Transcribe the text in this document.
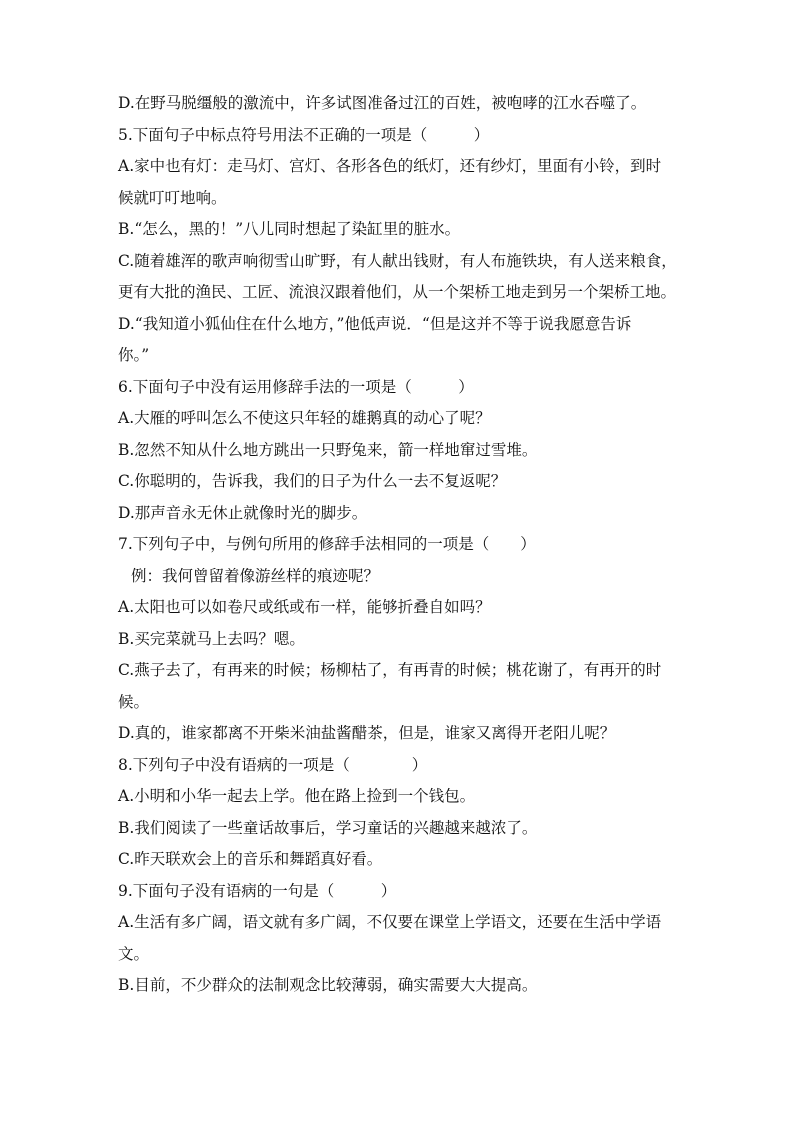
D.在野马脱缰般的激流中，许多试图准备过江的百姓，被咆哮的江水吞噬了。
5.下面句子中标点符号用法不正确的一项是（　　　）
A.家中也有灯：走马灯、宫灯、各形各色的纸灯，还有纱灯，里面有小铃，到时
候就叮叮地响。
B.“怎么，黑的！”八儿同时想起了染缸里的脏水。
C.随着雄浑的歌声响彻雪山旷野，有人献出钱财，有人布施铁块，有人送来粮食，
更有大批的渔民、工匠、流浪汉跟着他们，从一个架桥工地走到另一个架桥工地。
D.“我知道小狐仙住在什么地方，”他低声说．“但是这并不等于说我愿意告诉
你。”
6.下面句子中没有运用修辞手法的一项是（　　　）
A.大雁的呼叫怎么不使这只年轻的雄鹅真的动心了呢？
B.忽然不知从什么地方跳出一只野兔来，箭一样地窜过雪堆。
C.你聪明的，告诉我，我们的日子为什么一去不复返呢？
D.那声音永无休止就像时光的脚步。
7.下列句子中，与例句所用的修辞手法相同的一项是（　　）
例：我何曾留着像游丝样的痕迹呢？
A.太阳也可以如卷尺或纸或布一样，能够折叠自如吗？
B.买完菜就马上去吗？嗯。
C.燕子去了，有再来的时候；杨柳枯了，有再青的时候；桃花谢了，有再开的时
候。
D.真的，谁家都离不开柴米油盐酱醋茶，但是，谁家又离得开老阳儿呢？
8.下列句子中没有语病的一项是（　　　　）
A.小明和小华一起去上学。他在路上捡到一个钱包。
B.我们阅读了一些童话故事后，学习童话的兴趣越来越浓了。
C.昨天联欢会上的音乐和舞蹈真好看。
9.下面句子没有语病的一句是（　　　）
A.生活有多广阔，语文就有多广阔，不仅要在课堂上学语文，还要在生活中学语
文。
B.目前，不少群众的法制观念比较薄弱，确实需要大大提高。
